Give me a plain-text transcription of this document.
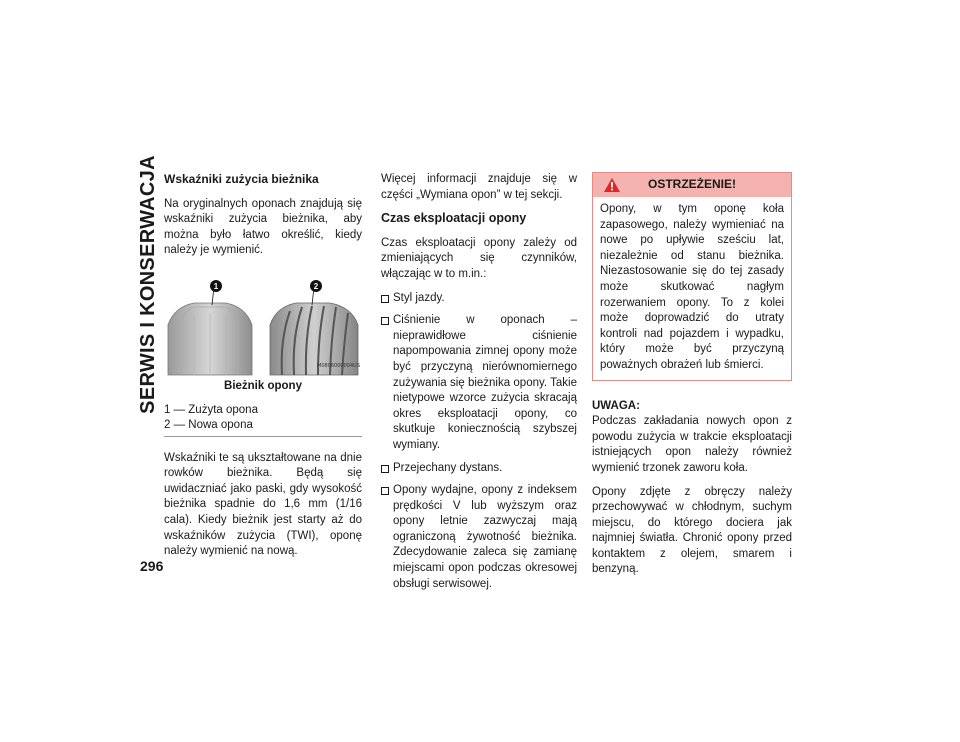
SERWIS I KONSERWACJA Wskaźniki zużycia bieżnika

Na oryginalnych oponach znajdują się wskaźniki zużycia bieżnika, aby można było łatwo określić, kiedy należy je wymienić.

1	2
M0806000004US
Bieżnik opony
1 — Zużyta opona
2 — Nowa opona

Wskaźniki te są ukształtowane na dnie rowków bieżnika. Będą się uwidaczniać jako paski, gdy wysokość bieżnika spadnie do 1,6 mm (1/16 cala). Kiedy bieżnik jest starty aż do wskaźników zużycia (TWI), oponę należy wymienić na nową.

Więcej informacji znajduje się w części „Wymiana opon” w tej sekcji.

Czas eksploatacji opony

Czas eksploatacji opony zależy od zmieniających się czynników, włączając w to m.in.:

Styl jazdy.
Ciśnienie w oponach – nieprawidłowe ciśnienie napompowania zimnej opony może być przyczyną nierównomiernego zużywania się bieżnika opony. Takie nietypowe wzorce zużycia skracają okres eksploatacji opony, co skutkuje koniecznością szybszej wymiany.
Przejechany dystans.
Opony wydajne, opony z indeksem prędkości V lub wyższym oraz opony letnie zazwyczaj mają ograniczoną żywotność bieżnika. Zdecydowanie zaleca się zamianę miejscami opon podczas okresowej obsługi serwisowej.
OSTRZEŻENIE!
Opony, w tym oponę koła zapasowego, należy wymieniać na nowe po upływie sześciu lat, niezależnie od stanu bieżnika. Niezastosowanie się do tej zasady może skutkować nagłym rozerwaniem opony. To z kolei może doprowadzić do utraty kontroli nad pojazdem i wypadku, który może być przyczyną poważnych obrażeń lub śmierci.
UWAGA:

Podczas zakładania nowych opon z powodu zużycia w trakcie eksploatacji istniejących opon należy również wymienić trzonek zaworu koła.

Opony zdjęte z obręczy należy przechowywać w chłodnym, suchym miejscu, do którego dociera jak najmniej światła. Chronić opony przed kontaktem z olejem, smarem i benzyną.

296
